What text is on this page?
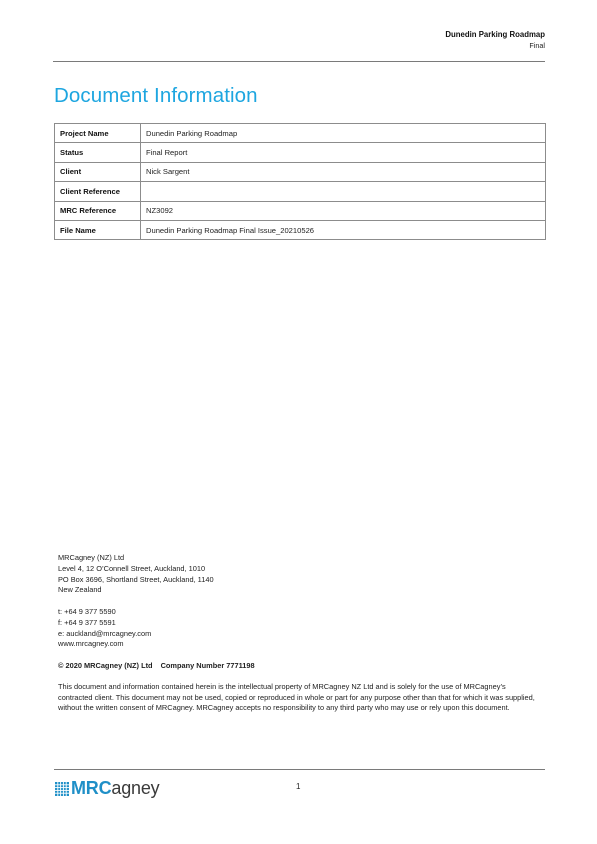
Dunedin Parking Roadmap
Final
Document Information
Project Name	Dunedin Parking Roadmap
Status	Final Report
Client	Nick Sargent
Client Reference	
MRC Reference	NZ3092
File Name	Dunedin Parking Roadmap Final Issue_20210526

MRCagney (NZ) Ltd

Level 4, 12 O’Connell Street, Auckland, 1010

PO Box 3696, Shortland Street, Auckland, 1140

New Zealand

t: +64 9 377 5590

f: +64 9 377 5591

e: auckland@mrcagney.com

www.mrcagney.com

© 2020 MRCagney (NZ) Ltd Company Number 7771198

This document and information contained herein is the intellectual property of MRCagney NZ Ltd and is solely for the use of MRCagney’s contracted client. This document may not be used, copied or reproduced in whole or part for any purpose other than that for which it was supplied, without the written consent of MRCagney. MRCagney accepts no responsibility to any third party who may use or rely upon this document.

MRCagney	1
